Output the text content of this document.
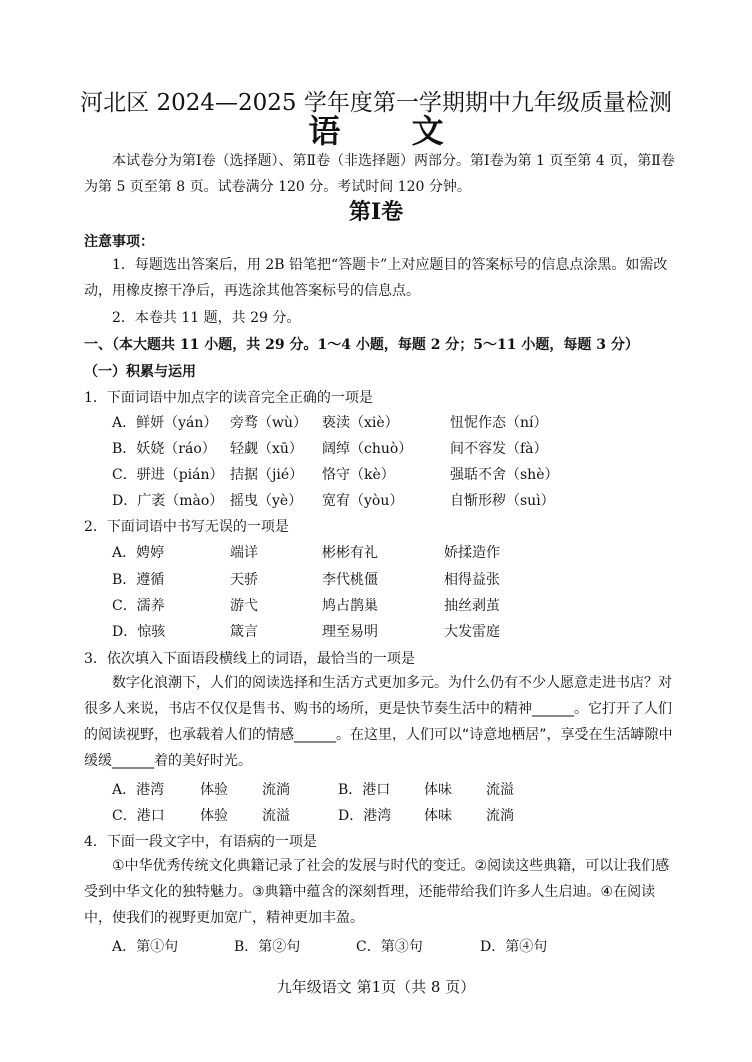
河北区 2024—2025 学年度第一学期期中九年级质量检测
语 文
本试卷分为第Ⅰ卷（选择题）、第Ⅱ卷（非选择题）两部分。第Ⅰ卷为第 1 页至第 4 页，第Ⅱ卷为第 5 页至第 8 页。试卷满分 120 分。考试时间 120 分钟。
第Ⅰ卷
注意事项：
1．每题选出答案后，用 2B 铅笔把“答题卡”上对应题目的答案标号的信息点涂黑。如需改动，用橡皮擦干净后，再选涂其他答案标号的信息点。
2．本卷共 11 题，共 29 分。
一、（本大题共 11 小题，共 29 分。1～4 小题，每题 2 分；5～11 小题，每题 3 分）
（一）积累与运用
1．下面词语中加点字的读音完全正确的一项是
A．鲜妍（yán） 旁骛（wù） 亵渎（xiè）	忸怩作态（ní）
B．妖娆（ráo） 轻觑（xū） 阔绰（chuò）	间不容发（fà）
C．骈进（pián） 拮据（jié） 恪守（kè）	强聒不舍（shè）
D．广袤（mào） 摇曳（yè） 宽宥（yòu）	自惭形秽（suì）
2．下面词语中书写无误的一项是
A．娉婷	端详	彬彬有礼	娇揉造作
B．遵循	天骄	李代桃僵	相得益张
C．濡养	游弋	鸠占鹊巢	抽丝剥茧
D．惊骇	箴言	理至易明	大发雷庭
3．依次填入下面语段横线上的词语，最恰当的一项是
数字化浪潮下，人们的阅读选择和生活方式更加多元。为什么仍有不少人愿意走进书店？对很多人来说，书店不仅仅是售书、购书的场所，更是快节奏生活中的精神______。它打开了人们的阅读视野，也承载着人们的情感______。在这里，人们可以“诗意地栖居”，享受在生活罅隙中缓缓______着的美好时光。
A．港湾	体验 流淌	B．港口 体味 流溢
C．港口	体验 流溢	D．港湾 体味 流淌
4．下面一段文字中，有语病的一项是
①中华优秀传统文化典籍记录了社会的发展与时代的变迁。②阅读这些典籍，可以让我们感受到中华文化的独特魅力。③典籍中蕴含的深刻哲理，还能带给我们许多人生启迪。④在阅读中，使我们的视野更加宽广，精神更加丰盈。
A．第①句	B．第②句	C．第③句	D．第④句
九年级语文 第1页（共 8 页）
